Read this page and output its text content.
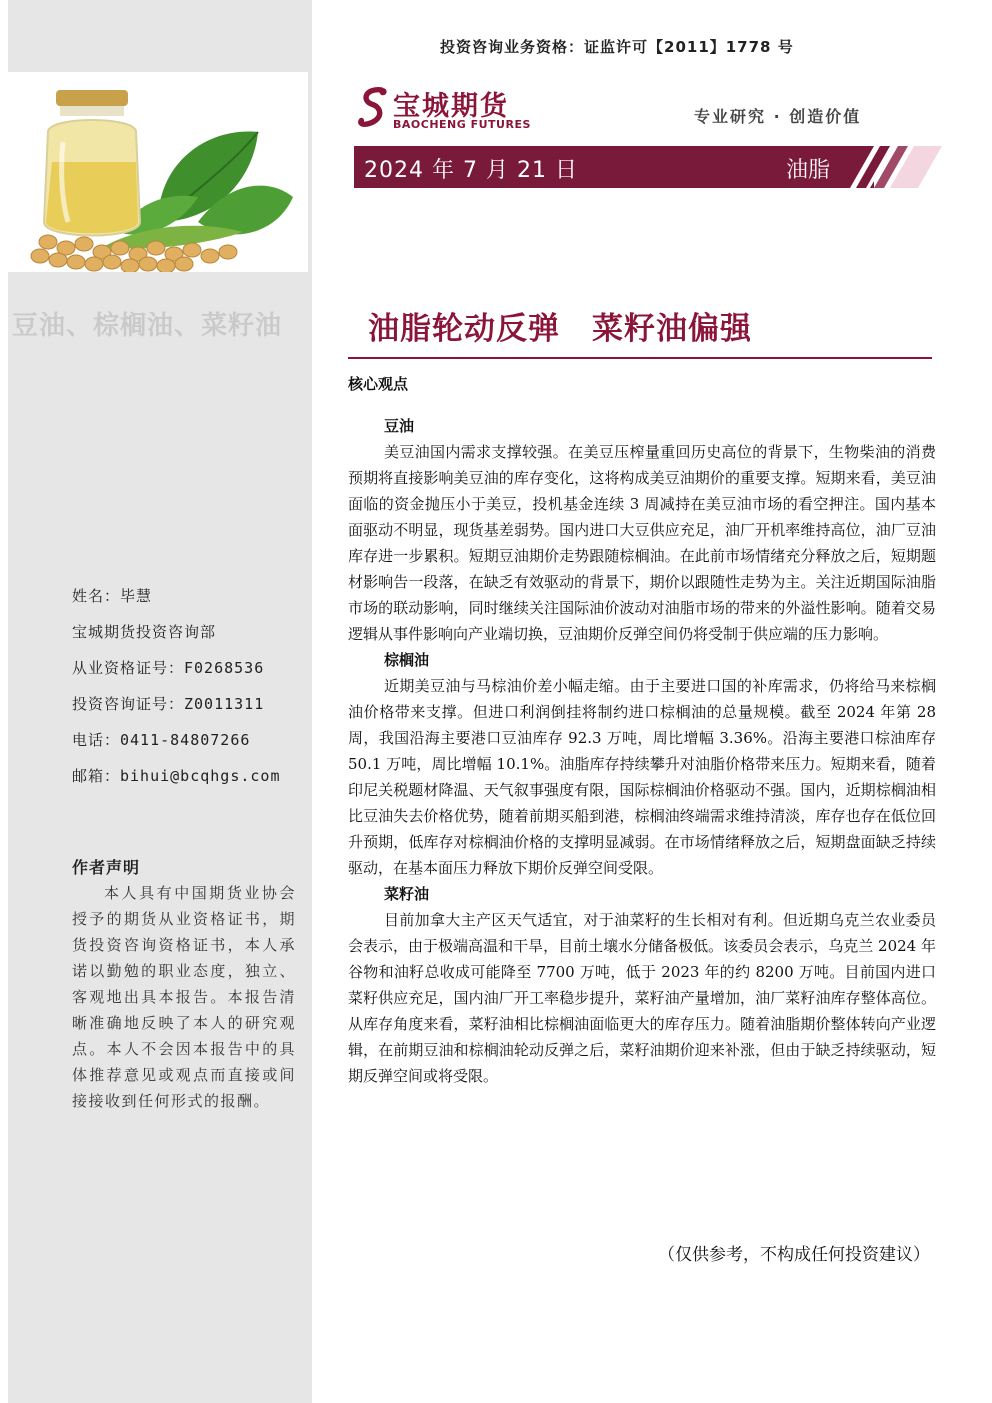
豆油、棕榈油、菜籽油
姓名：毕慧
宝城期货投资咨询部
从业资格证号：F0268536
投资咨询证号：Z0011311
电话：0411-84807266
邮箱：bihui@bcqhgs.com
作者声明
本人具有中国期货业协会授予的期货从业资格证书，期货投资咨询资格证书，本人承诺以勤勉的职业态度，独立、客观地出具本报告。本报告清晰准确地反映了本人的研究观点。本人不会因本报告中的具体推荐意见或观点而直接或间接接收到任何形式的报酬。
投资咨询业务资格：证监许可【2011】1778 号
宝城期货
BAOCHENG FUTURES	专业研究 · 创造价值
2024 年 7 月 21 日	油脂
油脂轮动反弹　菜籽油偏强
核心观点
豆油

美豆油国内需求支撑较强。在美豆压榨量重回历史高位的背景下，生物柴油的消费预期将直接影响美豆油的库存变化，这将构成美豆油期价的重要支撑。短期来看，美豆油面临的资金抛压小于美豆，投机基金连续 3 周减持在美豆油市场的看空押注。国内基本面驱动不明显，现货基差弱势。国内进口大豆供应充足，油厂开机率维持高位，油厂豆油库存进一步累积。短期豆油期价走势跟随棕榈油。在此前市场情绪充分释放之后，短期题材影响告一段落，在缺乏有效驱动的背景下，期价以跟随性走势为主。关注近期国际油脂市场的联动影响，同时继续关注国际油价波动对油脂市场的带来的外溢性影响。随着交易逻辑从事件影响向产业端切换，豆油期价反弹空间仍将受制于供应端的压力影响。

棕榈油

近期美豆油与马棕油价差小幅走缩。由于主要进口国的补库需求，仍将给马来棕榈油价格带来支撑。但进口利润倒挂将制约进口棕榈油的总量规模。截至 2024 年第 28 周，我国沿海主要港口豆油库存 92.3 万吨，周比增幅 3.36%。沿海主要港口棕油库存 50.1 万吨，周比增幅 10.1%。油脂库存持续攀升对油脂价格带来压力。短期来看，随着印尼关税题材降温、天气叙事强度有限，国际棕榈油价格驱动不强。国内，近期棕榈油相比豆油失去价格优势，随着前期买船到港，棕榈油终端需求维持清淡，库存也存在低位回升预期，低库存对棕榈油价格的支撑明显减弱。在市场情绪释放之后，短期盘面缺乏持续驱动，在基本面压力释放下期价反弹空间受限。

菜籽油

目前加拿大主产区天气适宜，对于油菜籽的生长相对有利。但近期乌克兰农业委员会表示，由于极端高温和干旱，目前土壤水分储备极低。该委员会表示，乌克兰 2024 年谷物和油籽总收成可能降至 7700 万吨，低于 2023 年的约 8200 万吨。目前国内进口菜籽供应充足，国内油厂开工率稳步提升，菜籽油产量增加，油厂菜籽油库存整体高位。从库存角度来看，菜籽油相比棕榈油面临更大的库存压力。随着油脂期价整体转向产业逻辑，在前期豆油和棕榈油轮动反弹之后，菜籽油期价迎来补涨，但由于缺乏持续驱动，短期反弹空间或将受限。

（仅供参考，不构成任何投资建议）
